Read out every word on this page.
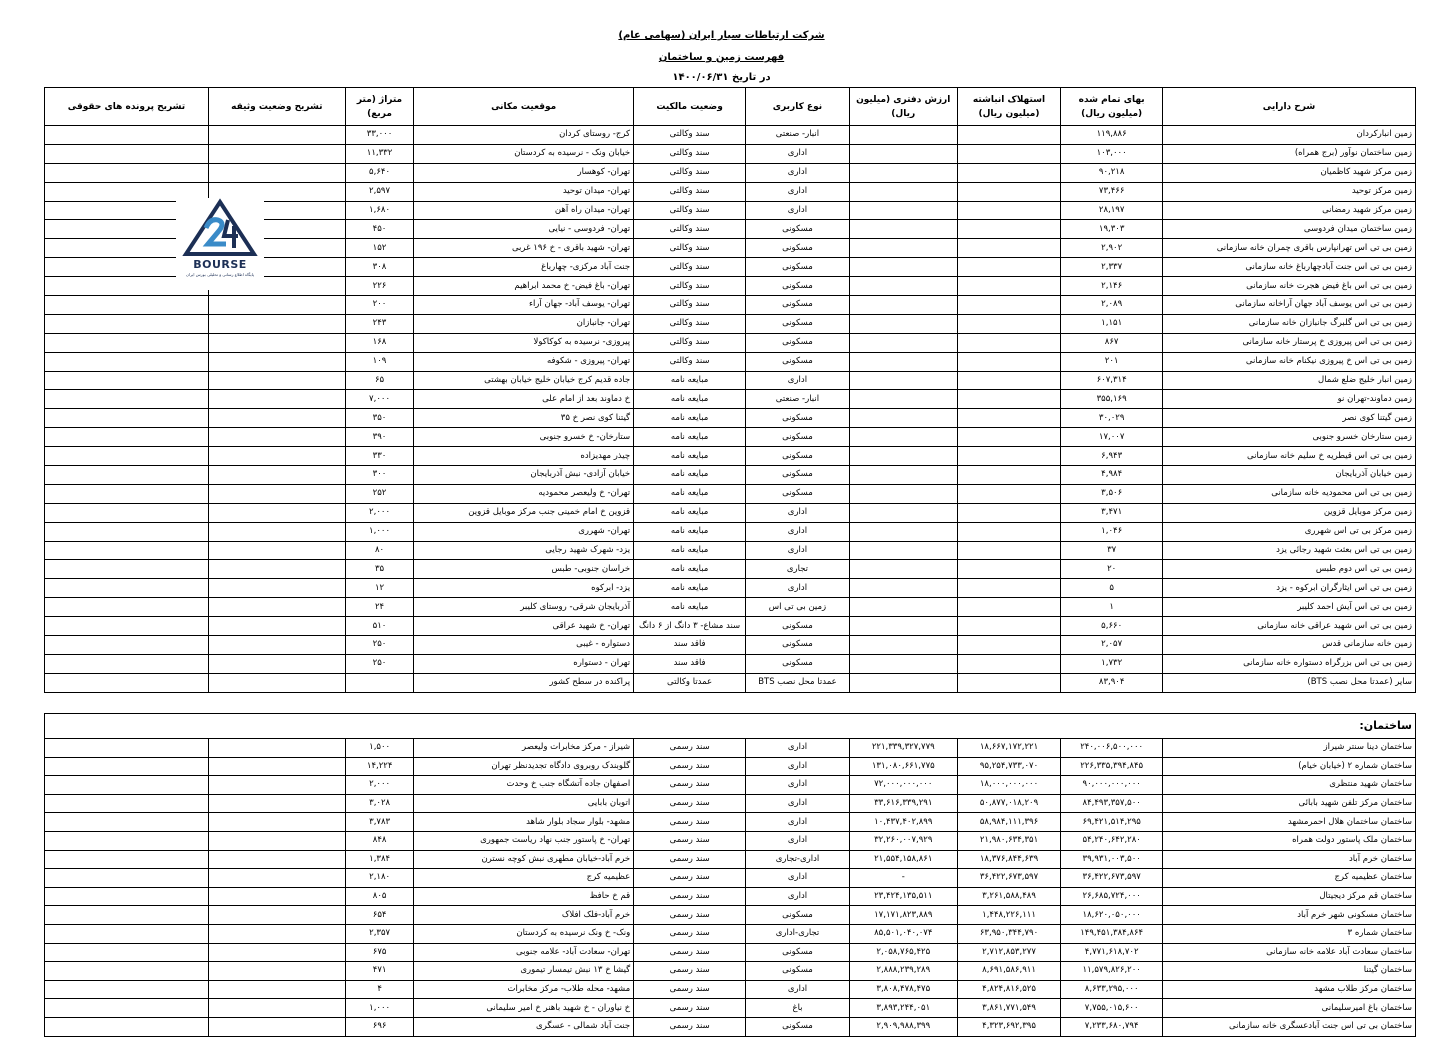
شرکت ارتباطات سیار ایران (سهامی عام)
فهرست زمین و ساختمان
در تاریخ ۱۴۰۰/۰۶/۳۱
شرح دارایی	بهای تمام شده (میلیون ریال)	استهلاک انباشته (میلیون ریال)	ارزش دفتری (میلیون ریال)	نوع کاربری	وضعیت مالکیت	موقعیت مکانی	متراژ (متر مربع)	تشریح وضعیت وثیقه	تشریح پرونده های حقوقی
زمین انبارکردان	۱۱۹,۸۸۶			انبار- صنعتی	سند وکالتی	کرج- روستای کردان	۳۳,۰۰۰		
زمین ساختمان نوآور (برج همراه)	۱۰۳,۰۰۰			اداری	سند وکالتی	خیابان ونک - نرسیده به کردستان	۱۱,۳۳۲		
زمین مرکز شهید کاظمیان	۹۰,۲۱۸			اداری	سند وکالتی	تهران- کوهسار	۵,۶۴۰		
زمین مرکز توحید	۷۳,۴۶۶			اداری	سند وکالتی	تهران- میدان توحید	۲,۵۹۷		
زمین مرکز شهید رمضانی	۲۸,۱۹۷			اداری	سند وکالتی	تهران- میدان راه آهن	۱,۶۸۰		
زمین ساختمان میدان فردوسی	۱۹,۳۰۳			مسکونی	سند وکالتی	تهران- فردوسی - نیایی	۴۵۰		
زمین بی تی اس تهرانپارس باقری چمران خانه سازمانی	۲,۹۰۲			مسکونی	سند وکالتی	تهران- شهید باقری - خ ۱۹۶ غربی	۱۵۲		
زمین بی تی اس جنت آبادچهارباغ خانه سازمانی	۲,۳۳۷			مسکونی	سند وکالتی	جنت آباد مرکزی- چهارباغ	۳۰۸		
زمین بی تی اس باغ فیض هجرت خانه سازمانی	۲,۱۴۶			مسکونی	سند وکالتی	تهران- باغ فیض- خ محمد ابراهیم	۲۲۶		
زمین بی تی اس یوسف آباد جهان آراخانه سازمانی	۲,۰۸۹			مسکونی	سند وکالتی	تهران- یوسف آباد- جهان آراء	۲۰۰		
زمین بی تی اس گلبرگ جانبازان خانه سازمانی	۱,۱۵۱			مسکونی	سند وکالتی	تهران- جانبازان	۲۴۳		
زمین بی تی اس پیروزی خ پرستار خانه سازمانی	۸۶۷			مسکونی	سند وکالتی	پیروزی- نرسیده به کوکاکولا	۱۶۸		
زمین بی تی اس خ پیروزی نیکنام خانه سازمانی	۲۰۱			مسکونی	سند وکالتی	تهران- پیروزی - شکوفه	۱۰۹		
زمین انبار خلیج ضلع شمال	۶۰۷,۳۱۴			اداری	مبایعه نامه	جاده قدیم کرج خیابان خلیج خیابان بهشتی	۶۵		
زمین دماوند-تهران نو	۳۵۵,۱۶۹			انبار- صنعتی	مبایعه نامه	خ دماوند بعد از امام علی	۷,۰۰۰		
زمین گیتنا کوی نصر	۳۰,۰۲۹			مسکونی	مبایعه نامه	گیتنا کوی نصر خ ۳۵	۳۵۰		
زمین ستارخان خسرو جنوبی	۱۷,۰۰۷			مسکونی	مبایعه نامه	ستارخان- خ خسرو جنوبی	۳۹۰		
زمین بی تی اس قیطریه خ سلیم خانه سازمانی	۶,۹۴۳			مسکونی	مبایعه نامه	چیذر مهدیزاده	۳۳۰		
زمین خیابان آذربایجان	۴,۹۸۴			مسکونی	مبایعه نامه	خیابان آزادی- نبش آذربایجان	۳۰۰		
زمین بی تی اس محمودیه خانه سازمانی	۳,۵۰۶			مسکونی	مبایعه نامه	تهران- خ ولیعصر محمودیه	۲۵۲		
زمین مرکز موبایل قزوین	۳,۴۷۱			اداری	مبایعه نامه	قزوین خ امام خمینی جنب مرکز موبایل قزوین	۲,۰۰۰		
زمین مرکز بی تی اس شهرری	۱,۰۴۶			اداری	مبایعه نامه	تهران- شهرری	۱,۰۰۰		
زمین بی تی اس بعثت شهید رجائی یزد	۳۷			اداری	مبایعه نامه	یزد- شهرک شهید رجایی	۸۰		
زمین بی تی اس دوم طبس	۲۰			تجاری	مبایعه نامه	خراسان جنوبی- طبس	۳۵		
زمین بی تی اس ایثارگران ابرکوه - یزد	۵			اداری	مبایعه نامه	یزد- ابرکوه	۱۲		
زمین بی تی اس آیش احمد کلیبر	۱			زمین بی تی اس	مبایعه نامه	آذربایجان شرقی- روستای کلیبر	۲۴		
زمین بی تی اس شهید عراقی خانه سازمانی	۵,۶۶۰			مسکونی	سند مشاع- ۳ دانگ از ۶ دانگ	تهران- خ شهید عراقی	۵۱۰		
زمین خانه سازمانی قدس	۲,۰۵۷			مسکونی	فاقد سند	دستواره - غیبی	۲۵۰		
زمین بی تی اس بزرگراه دستواره خانه سازمانی	۱,۷۳۲			مسکونی	فاقد سند	تهران - دستواره	۲۵۰		
سایر (عمدتا محل نصب BTS)	۸۳,۹۰۴			عمدتا محل نصب BTS	عمدتا وکالتی	پراکنده در سطح کشور			
ساختمان:									
ساختمان دینا سنتر شیراز	۲۴۰,۰۰۶,۵۰۰,۰۰۰	۱۸,۶۶۷,۱۷۲,۲۲۱	۲۲۱,۳۳۹,۳۲۷,۷۷۹	اداری	سند رسمی	شیراز - مرکز مخابرات ولیعصر	۱,۵۰۰		
ساختمان شماره ۲ (خیابان خیام)	۲۲۶,۳۳۵,۳۹۴,۸۴۵	۹۵,۲۵۴,۷۳۳,۰۷۰	۱۳۱,۰۸۰,۶۶۱,۷۷۵	اداری	سند رسمی	گلوبندک روبروی دادگاه تجدیدنظر تهران	۱۴,۲۲۴		
ساختمان شهید منتظری	۹۰,۰۰۰,۰۰۰,۰۰۰	۱۸,۰۰۰,۰۰۰,۰۰۰	۷۲,۰۰۰,۰۰۰,۰۰۰	اداری	سند رسمی	اصفهان جاده آتشگاه جنب خ وحدت	۲,۰۰۰		
ساختمان مرکز تلفن شهید بابائی	۸۴,۴۹۳,۳۵۷,۵۰۰	۵۰,۸۷۷,۰۱۸,۲۰۹	۳۳,۶۱۶,۳۳۹,۲۹۱	اداری	سند رسمی	اتوبان بابایی	۳,۰۲۸		
ساختمان ساختمان هلال احمرمشهد	۶۹,۴۲۱,۵۱۴,۲۹۵	۵۸,۹۸۴,۱۱۱,۳۹۶	۱۰,۴۳۷,۴۰۲,۸۹۹	اداری	سند رسمی	مشهد- بلوار سجاد بلوار شاهد	۳,۷۸۳		
ساختمان ملک پاستور دولت همراه	۵۴,۲۴۰,۶۴۲,۲۸۰	۲۱,۹۸۰,۶۳۴,۳۵۱	۳۲,۲۶۰,۰۰۷,۹۲۹	اداری	سند رسمی	تهران- خ پاستور جنب نهاد ریاست جمهوری	۸۴۸		
ساختمان خرم آباد	۳۹,۹۳۱,۰۰۳,۵۰۰	۱۸,۳۷۶,۸۴۴,۶۳۹	۲۱,۵۵۴,۱۵۸,۸۶۱	اداری-تجاری	سند رسمی	خرم آباد-خیابان مطهری نبش کوچه نسترن	۱,۳۸۴		
ساختمان عظیمیه کرج	۳۶,۴۲۲,۶۷۳,۵۹۷	۳۶,۴۲۲,۶۷۳,۵۹۷	-	اداری	سند رسمی	عظیمیه کرج	۲,۱۸۰		
ساختمان قم مرکز دیجیتال	۲۶,۶۸۵,۷۲۴,۰۰۰	۳,۲۶۱,۵۸۸,۴۸۹	۲۳,۴۲۴,۱۳۵,۵۱۱	اداری	سند رسمی	قم خ حافظ	۸۰۵		
ساختمان مسکونی شهر خرم آباد	۱۸,۶۲۰,۰۵۰,۰۰۰	۱,۴۴۸,۲۲۶,۱۱۱	۱۷,۱۷۱,۸۲۳,۸۸۹	مسکونی	سند رسمی	خرم آباد-فلک افلاک	۶۵۴		
ساختمان شماره ۳	۱۴۹,۴۵۱,۳۸۴,۸۶۴	۶۳,۹۵۰,۳۴۴,۷۹۰	۸۵,۵۰۱,۰۴۰,۰۷۴	تجاری-اداری	سند رسمی	ونک- خ ونک نرسیده به کردستان	۲,۳۵۷		
ساختمان سعادت آباد علامه خانه سازمانی	۴,۷۷۱,۶۱۸,۷۰۲	۲,۷۱۲,۸۵۳,۲۷۷	۲,۰۵۸,۷۶۵,۴۲۵	مسکونی	سند رسمی	تهران- سعادت آباد- علامه جنوبی	۶۷۵		
ساختمان گیتنا	۱۱,۵۷۹,۸۲۶,۲۰۰	۸,۶۹۱,۵۸۶,۹۱۱	۲,۸۸۸,۲۳۹,۲۸۹	مسکونی	سند رسمی	گیشا خ ۱۳ نبش تیمسار تیموری	۴۷۱		
ساختمان مرکز طلاب مشهد	۸,۶۳۳,۲۹۵,۰۰۰	۴,۸۲۴,۸۱۶,۵۲۵	۳,۸۰۸,۴۷۸,۴۷۵	اداری	سند رسمی	مشهد- محله طلاب- مرکز مخابرات	۴		
ساختمان باغ امیرسلیمانی	۷,۷۵۵,۰۱۵,۶۰۰	۳,۸۶۱,۷۷۱,۵۴۹	۳,۸۹۳,۲۴۴,۰۵۱	باغ	سند رسمی	خ نیاوران - خ شهید باهنر خ امیر سلیمانی	۱,۰۰۰		
ساختمان بی تی اس جنت آبادعسگری خانه سازمانی	۷,۲۳۳,۶۸۰,۷۹۴	۴,۳۲۳,۶۹۲,۳۹۵	۲,۹۰۹,۹۸۸,۳۹۹	مسکونی	سند رسمی	جنت آباد شمالی - عسگری	۶۹۶		
BOURSE
پایگاه اطلاع رسانی و تحلیلی بورس ایران
